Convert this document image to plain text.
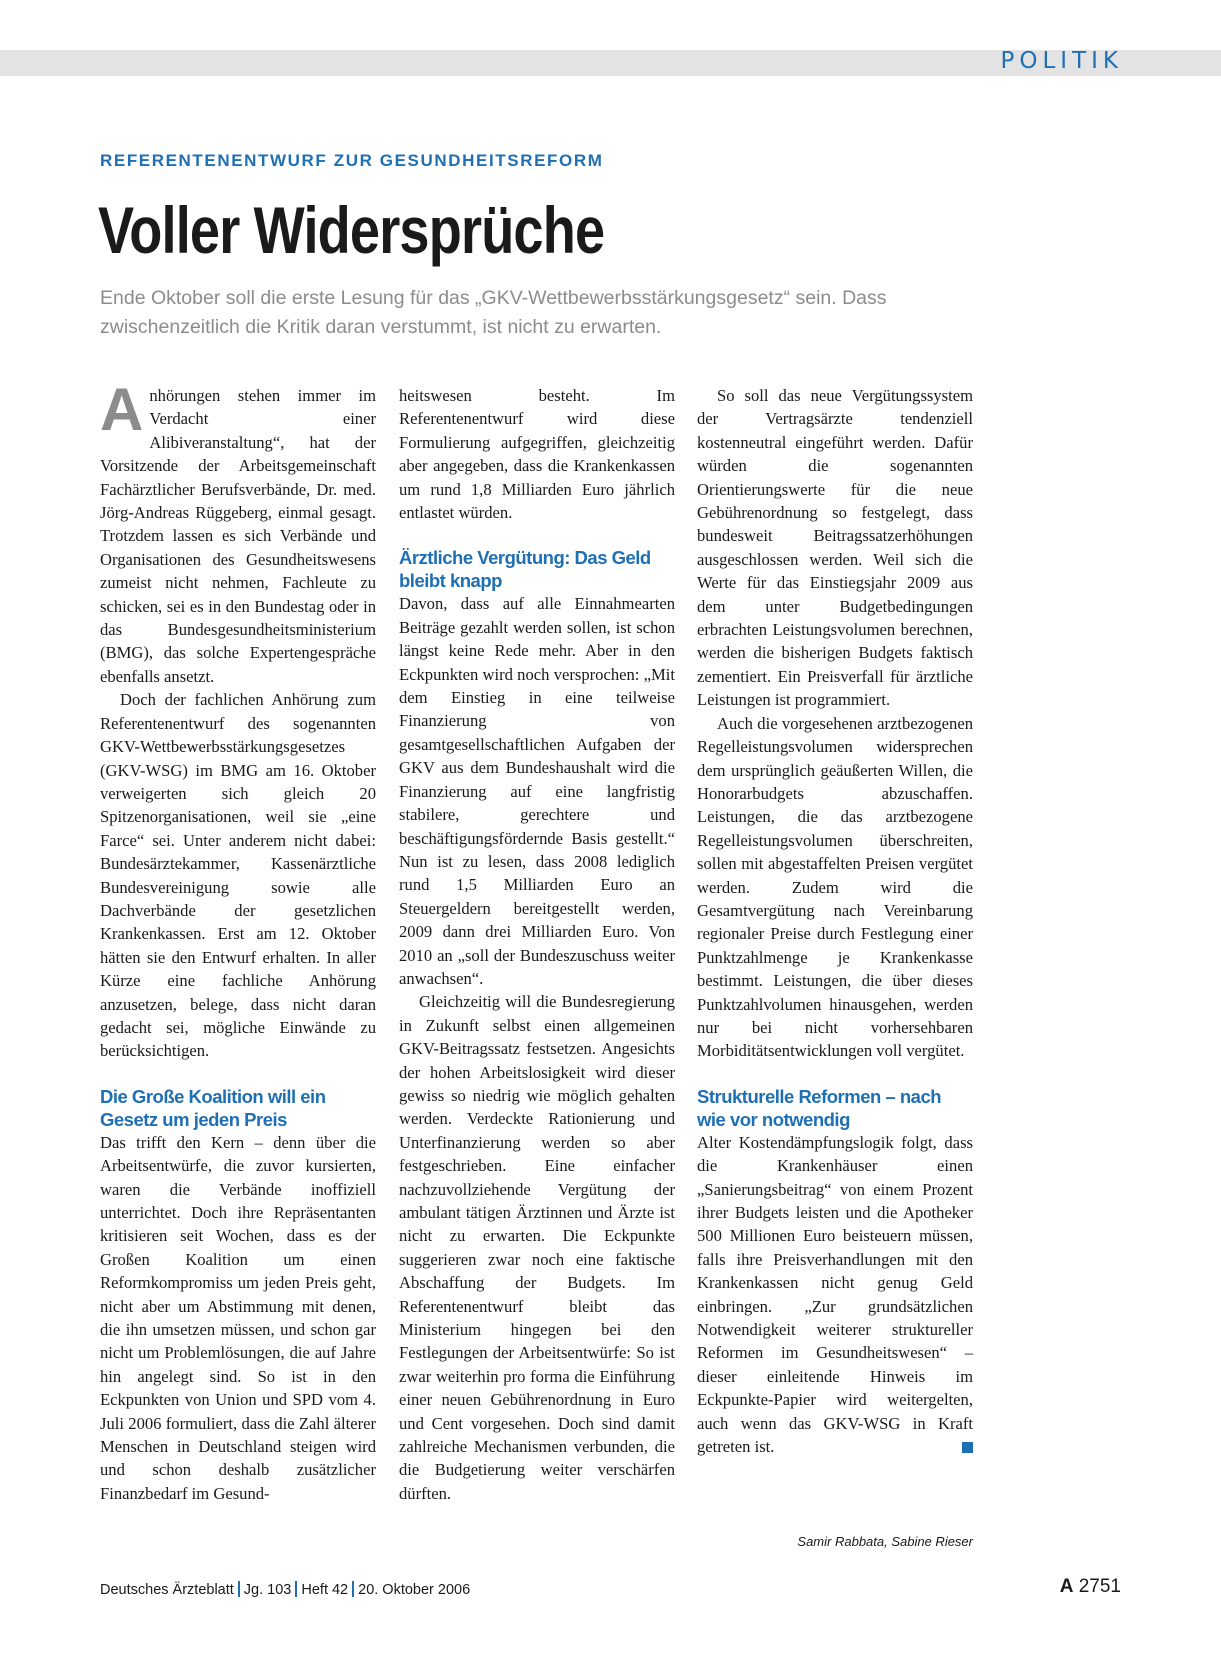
POLITIK
REFERENTENENTWURF ZUR GESUNDHEITSREFORM
Voller Widersprüche

Ende Oktober soll die erste Lesung für das „GKV-Wettbewerbsstärkungsgesetz“ sein. Dass zwischenzeitlich die Kritik daran verstummt, ist nicht zu erwarten.

Anhörungen stehen immer im Verdacht einer Alibiveranstaltung“, hat der Vorsitzende der Arbeitsgemeinschaft Fachärztlicher Berufsverbände, Dr. med. Jörg-Andreas Rüggeberg, einmal gesagt. Trotzdem lassen es sich Verbände und Organisationen des Gesundheitswesens zumeist nicht nehmen, Fachleute zu schicken, sei es in den Bundestag oder in das Bundesgesundheitsministerium (BMG), das solche Expertengespräche ebenfalls ansetzt.

Doch der fachlichen Anhörung zum Referentenentwurf des sogenannten GKV-Wettbewerbsstärkungsgesetzes (GKV-WSG) im BMG am 16. Oktober verweigerten sich gleich 20 Spitzenorganisationen, weil sie „eine Farce“ sei. Unter anderem nicht dabei: Bundesärztekammer, Kassenärztliche Bundesvereinigung sowie alle Dachverbände der gesetzlichen Krankenkassen. Erst am 12. Oktober hätten sie den Entwurf erhalten. In aller Kürze eine fachliche Anhörung anzusetzen, belege, dass nicht daran gedacht sei, mögliche Einwände zu berücksichtigen.

Die Große Koalition will ein Gesetz um jeden Preis

Das trifft den Kern – denn über die Arbeitsentwürfe, die zuvor kursierten, waren die Verbände inoffiziell unterrichtet. Doch ihre Repräsentanten kritisieren seit Wochen, dass es der Großen Koalition um einen Reformkompromiss um jeden Preis geht, nicht aber um Abstimmung mit denen, die ihn umsetzen müssen, und schon gar nicht um Problemlösungen, die auf Jahre hin angelegt sind. So ist in den Eckpunkten von Union und SPD vom 4. Juli 2006 formuliert, dass die Zahl älterer Menschen in Deutschland steigen wird und schon deshalb zusätzlicher Finanzbedarf im Gesund-

heitswesen besteht. Im Referentenentwurf wird diese Formulierung aufgegriffen, gleichzeitig aber angegeben, dass die Krankenkassen um rund 1,8 Milliarden Euro jährlich entlastet würden.

Ärztliche Vergütung: Das Geld bleibt knapp

Davon, dass auf alle Einnahmearten Beiträge gezahlt werden sollen, ist schon längst keine Rede mehr. Aber in den Eckpunkten wird noch versprochen: „Mit dem Einstieg in eine teilweise Finanzierung von gesamtgesellschaftlichen Aufgaben der GKV aus dem Bundeshaushalt wird die Finanzierung auf eine langfristig stabilere, gerechtere und beschäftigungsfördernde Basis gestellt.“ Nun ist zu lesen, dass 2008 lediglich rund 1,5 Milliarden Euro an Steuergeldern bereitgestellt werden, 2009 dann drei Milliarden Euro. Von 2010 an „soll der Bundeszuschuss weiter anwachsen“.

Gleichzeitig will die Bundesregierung in Zukunft selbst einen allgemeinen GKV-Beitragssatz festsetzen. Angesichts der hohen Arbeitslosigkeit wird dieser gewiss so niedrig wie möglich gehalten werden. Verdeckte Rationierung und Unterfinanzierung werden so aber festgeschrieben. Eine einfacher nachzuvollziehende Vergütung der ambulant tätigen Ärztinnen und Ärzte ist nicht zu erwarten. Die Eckpunkte suggerieren zwar noch eine faktische Abschaffung der Budgets. Im Referentenentwurf bleibt das Ministerium hingegen bei den Festlegungen der Arbeitsentwürfe: So ist zwar weiterhin pro forma die Einführung einer neuen Gebührenordnung in Euro und Cent vorgesehen. Doch sind damit zahlreiche Mechanismen verbunden, die die Budgetierung weiter verschärfen dürften.

So soll das neue Vergütungssystem der Vertragsärzte tendenziell kostenneutral eingeführt werden. Dafür würden die sogenannten Orientierungswerte für die neue Gebührenordnung so festgelegt, dass bundesweit Beitragssatzerhöhungen ausgeschlossen werden. Weil sich die Werte für das Einstiegsjahr 2009 aus dem unter Budgetbedingungen erbrachten Leistungsvolumen berechnen, werden die bisherigen Budgets faktisch zementiert. Ein Preisverfall für ärztliche Leistungen ist programmiert.

Auch die vorgesehenen arztbezogenen Regelleistungsvolumen widersprechen dem ursprünglich geäußerten Willen, die Honorarbudgets abzuschaffen. Leistungen, die das arztbezogene Regelleistungsvolumen überschreiten, sollen mit abgestaffelten Preisen vergütet werden. Zudem wird die Gesamtvergütung nach Vereinbarung regionaler Preise durch Festlegung einer Punktzahlmenge je Krankenkasse bestimmt. Leistungen, die über dieses Punktzahlvolumen hinausgehen, werden nur bei nicht vorhersehbaren Morbiditätsentwicklungen voll vergütet.

Strukturelle Reformen – nach wie vor notwendig

Alter Kostendämpfungslogik folgt, dass die Krankenhäuser einen „Sanierungsbeitrag“ von einem Prozent ihrer Budgets leisten und die Apotheker 500 Millionen Euro beisteuern müssen, falls ihre Preisverhandlungen mit den Krankenkassen nicht genug Geld einbringen. „Zur grundsätzlichen Notwendigkeit weiterer struktureller Reformen im Gesundheitswesen“ – dieser einleitende Hinweis im Eckpunkte-Papier wird weitergelten, auch wenn das GKV-WSG in Kraft getreten ist.

Samir Rabbata, Sabine Rieser
Deutsches Ärzteblatt Jg. 103 Heft 42 20. Oktober 2006	A 2751
